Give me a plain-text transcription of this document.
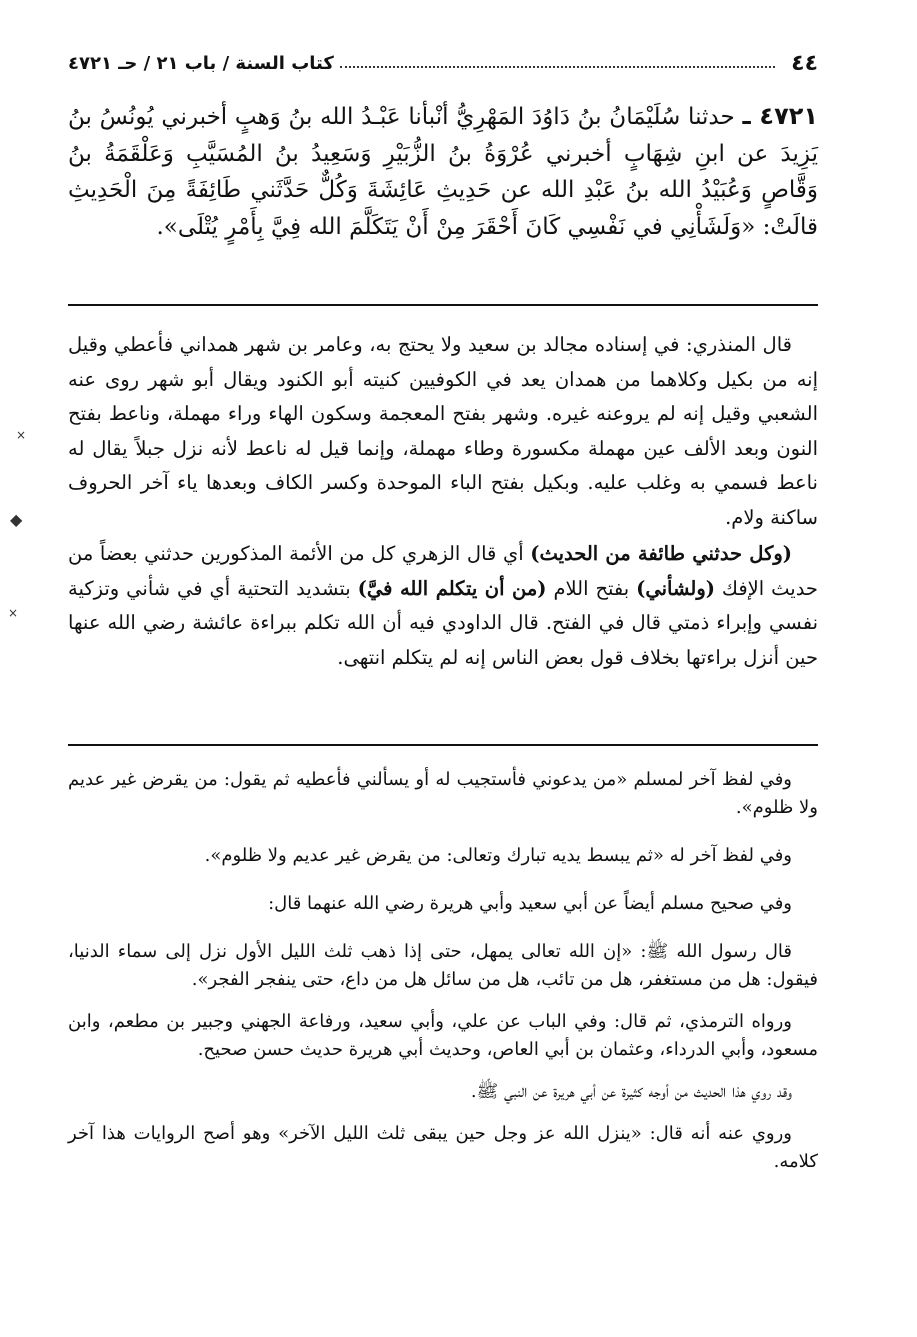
٤٤
كتاب السنة / باب ٢١ / حـ ٤٧٢١
٤٧٢١ ـ حدثنا سُلَيْمَانُ بنُ دَاوُدَ المَهْرِيُّ أنْبأنا عَبْـدُ الله بنُ وَهبٍ أخبرني يُونُسُ بنُ يَزِيدَ عن ابنِ شِهَابٍ أخبرني عُرْوَةُ بنُ الزُّبَيْرِ وَسَعِيدُ بنُ المُسَيَّبِ وَعَلْقَمَةُ بنُ وَقَّاصٍ وَعُبَيْدُ الله بنُ عَبْدِ الله عن حَدِيثِ عَائِشَةَ وَكُلٌّ حَدَّثَني طَائِفَةً مِنَ الْحَدِيثِ قالَتْ: «وَلَشَأْنِي في نَفْسِي كَانَ أَحْقَرَ مِنْ أَنْ يَتَكَلَّمَ الله فِيَّ بِأَمْرٍ يُتْلَى».

قال المنذري: في إسناده مجالد بن سعيد ولا يحتج به، وعامر بن شهر همداني فأعطي وقيل إنه من بكيل وكلاهما من همدان يعد في الكوفيين كنيته أبو الكنود ويقال أبو شهر روى عنه الشعبي وقيل إنه لم يروعنه غيره. وشهر بفتح المعجمة وسكون الهاء وراء مهملة، وناعط بفتح النون وبعد الألف عين مهملة مكسورة وطاء مهملة، وإنما قيل له ناعط لأنه نزل جبلاً يقال له ناعط فسمي به وغلب عليه. وبكيل بفتح الباء الموحدة وكسر الكاف وبعدها ياء آخر الحروف ساكنة ولام.

(وكل حدثني طائفة من الحديث) أي قال الزهري كل من الأئمة المذكورين حدثني بعضاً من حديث الإفك (ولشأني) بفتح اللام (من أن يتكلم الله فيَّ) بتشديد التحتية أي في شأني وتزكية نفسي وإبراء ذمتي قال في الفتح. قال الداودي فيه أن الله تكلم ببراءة عائشة رضي الله عنها حين أنزل براءتها بخلاف قول بعض الناس إنه لم يتكلم انتهى.

وفي لفظ آخر لمسلم «من يدعوني فأستجيب له أو يسألني فأعطيه ثم يقول: من يقرض غير عديم ولا ظلوم».

وفي لفظ آخر له «ثم يبسط يديه تبارك وتعالى: من يقرض غير عديم ولا ظلوم».

وفي صحيح مسلم أيضاً عن أبي سعيد وأبي هريرة رضي الله عنهما قال:

قال رسول الله ﷺ: «إن الله تعالى يمهل، حتى إذا ذهب ثلث الليل الأول نزل إلى سماء الدنيا، فيقول: هل من مستغفر، هل من تائب، هل من سائل هل من داع، حتى ينفجر الفجر».

ورواه الترمذي، ثم قال: وفي الباب عن علي، وأبي سعيد، ورفاعة الجهني وجبير بن مطعم، وابن مسعود، وأبي الدرداء، وعثمان بن أبي العاص، وحديث أبي هريرة حديث حسن صحيح.

وقد روي هذا الحديث من أوجه كثيرة عن أبي هريرة عن النبي ﷺ.

وروي عنه أنه قال: «ينزل الله عز وجل حين يبقى ثلث الليل الآخر» وهو أصح الروايات هذا آخر كلامه.

×
◆
×
